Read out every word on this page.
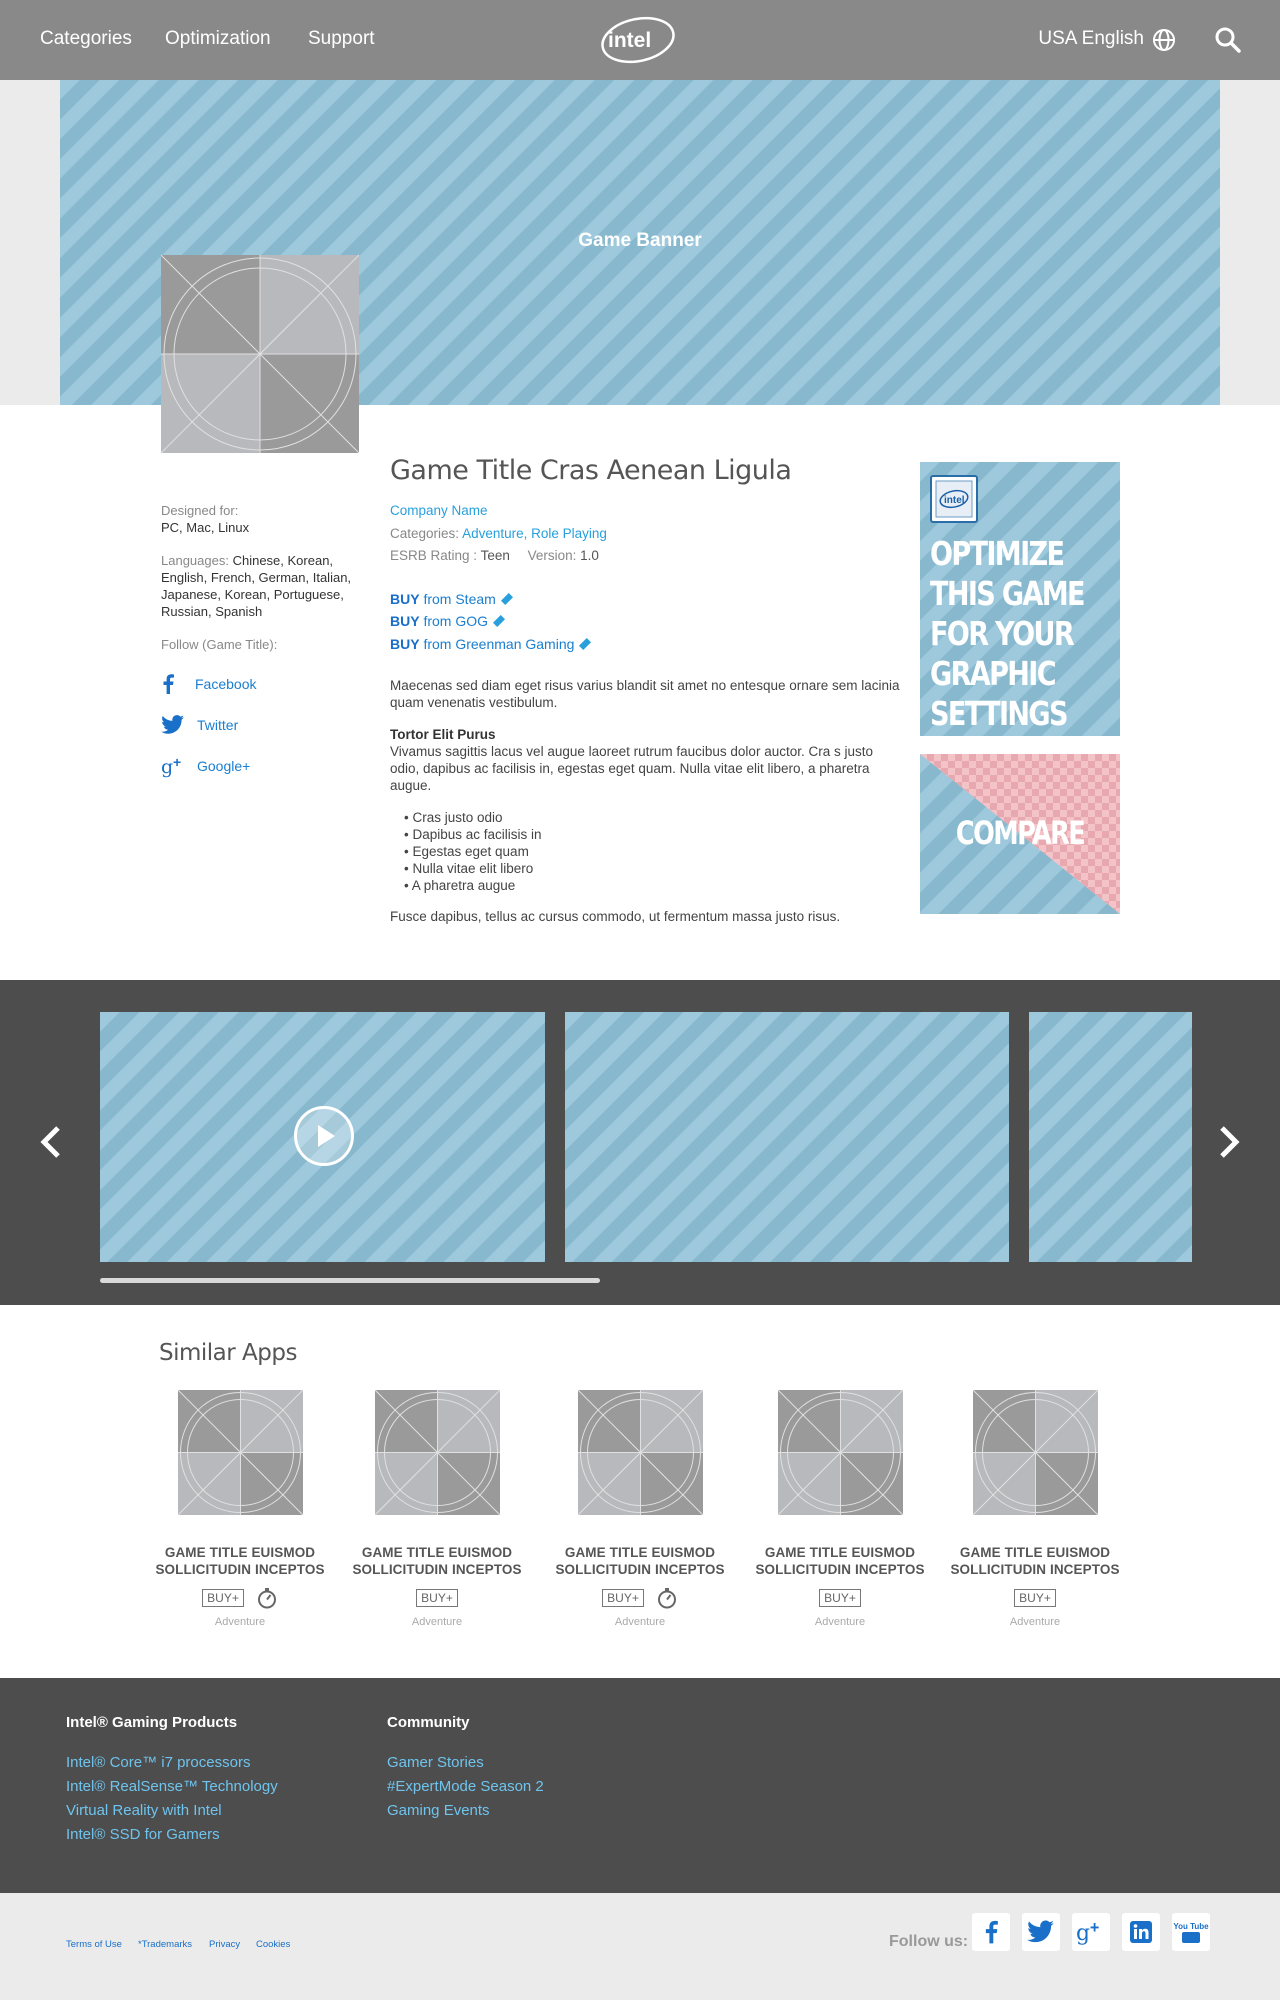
Categories Optimization Support	intel	USA English
Game Banner
Designed for:
PC, Mac, Linux
Languages: Chinese, Korean, English, French, German, Italian, Japanese, Korean, Portuguese, Russian, Spanish
Follow (Game Title):
Facebook
Twitter
g + Google+
Game Title Cras Aenean Ligula
Company Name
Categories: Adventure, Role Playing
ESRB Rating : Teen Version: 1.0
BUY from Steam
BUY from GOG
BUY from Greenman Gaming

Maecenas sed diam eget risus varius blandit sit amet no entesque ornare sem lacinia quam venenatis vestibulum.

Tortor Elit Purus

Vivamus sagittis lacus vel augue laoreet rutrum faucibus dolor auctor. Cra s justo odio, dapibus ac facilisis in, egestas eget quam. Nulla vitae elit libero, a pharetra augue.

• Cras justo odio
• Dapibus ac facilisis in
• Egestas eget quam
• Nulla vitae elit libero
• A pharetra augue

Fusce dapibus, tellus ac cursus commodo, ut fermentum massa justo risus.

intel
OPTIMIZE THIS GAME FOR YOUR GRAPHIC SETTINGS
COMPARE
Similar Apps
GAME TITLE EUISMOD SOLLICITUDIN INCEPTOS
BUY+
Adventure
GAME TITLE EUISMOD SOLLICITUDIN INCEPTOS
BUY+
Adventure
GAME TITLE EUISMOD SOLLICITUDIN INCEPTOS
BUY+
Adventure
GAME TITLE EUISMOD SOLLICITUDIN INCEPTOS
BUY+
Adventure
GAME TITLE EUISMOD SOLLICITUDIN INCEPTOS
BUY+
Adventure
Intel® Gaming Products
Intel® Core™ i7 processors
Intel® RealSense™ Technology
Virtual Reality with Intel
Intel® SSD for Gamers
Community
Gamer Stories
#ExpertMode Season 2
Gaming Events
Terms of Use *Trademarks Privacy Cookies	Follow us:	g +	You Tube
